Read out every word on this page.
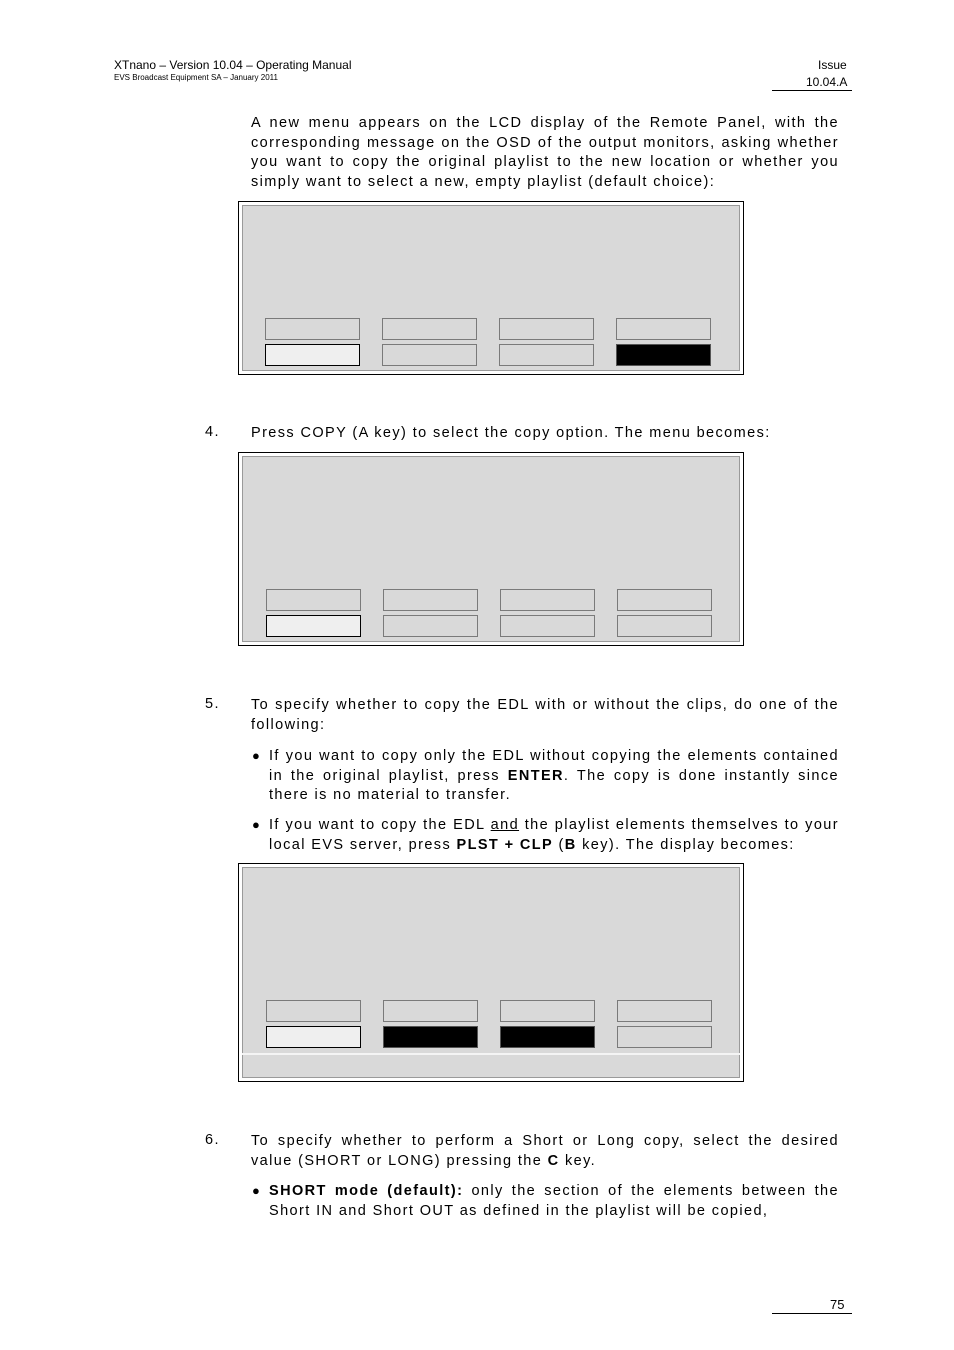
XTnano – Version 10.04 – Operating Manual
EVS Broadcast Equipment SA – January 2011
Issue
10.04.A
A new menu appears on the LCD display of the Remote Panel, with the corresponding message on the OSD of the output monitors, asking whether you want to copy the original playlist to the new location or whether you simply want to select a new, empty playlist (default choice):
4. Press COPY (A key) to select the copy option. The menu becomes:
5. To specify whether to copy the EDL with or without the clips, do one of the following:
● If you want to copy only the EDL without copying the elements contained in the original playlist, press ENTER. The copy is done instantly since there is no material to transfer.
● If you want to copy the EDL and the playlist elements themselves to your local EVS server, press PLST + CLP (B key). The display becomes:
6. To specify whether to perform a Short or Long copy, select the desired value (SHORT or LONG) pressing the C key.
● SHORT mode (default): only the section of the elements between the Short IN and Short OUT as defined in the playlist will be copied,
75
